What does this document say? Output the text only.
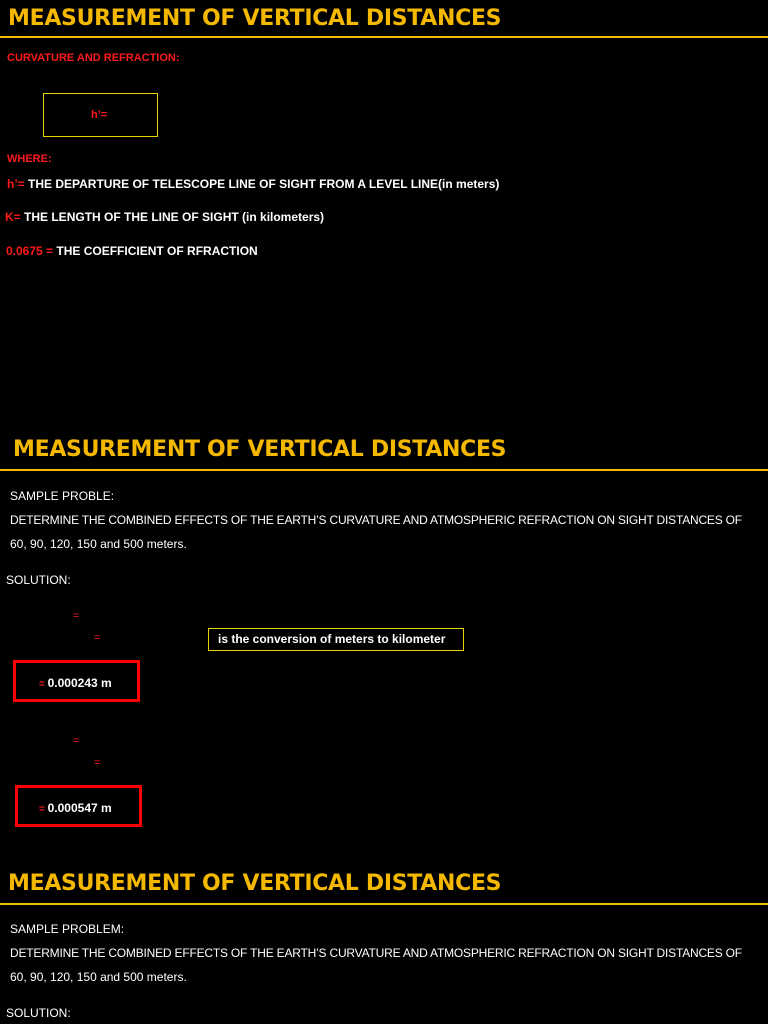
MEASUREMENT OF VERTICAL DISTANCES
CURVATURE AND REFRACTION:
h’=
WHERE:
h’= THE DEPARTURE OF TELESCOPE LINE OF SIGHT FROM A LEVEL LINE(in meters)
K= THE LENGTH OF THE LINE OF SIGHT (in kilometers)
0.0675 = THE COEFFICIENT OF RFRACTION
MEASUREMENT OF VERTICAL DISTANCES
SAMPLE PROBLE:
DETERMINE THE COMBINED EFFECTS OF THE EARTH’S CURVATURE AND ATMOSPHERIC REFRACTION ON SIGHT DISTANCES OF
60, 90, 120, 150 and 500 meters.
SOLUTION:
=
=	is the conversion of meters to kilometer
= 0.000243 m
=
=
= 0.000547 m
MEASUREMENT OF VERTICAL DISTANCES
SAMPLE PROBLEM:
DETERMINE THE COMBINED EFFECTS OF THE EARTH’S CURVATURE AND ATMOSPHERIC REFRACTION ON SIGHT DISTANCES OF
60, 90, 120, 150 and 500 meters.
SOLUTION:
